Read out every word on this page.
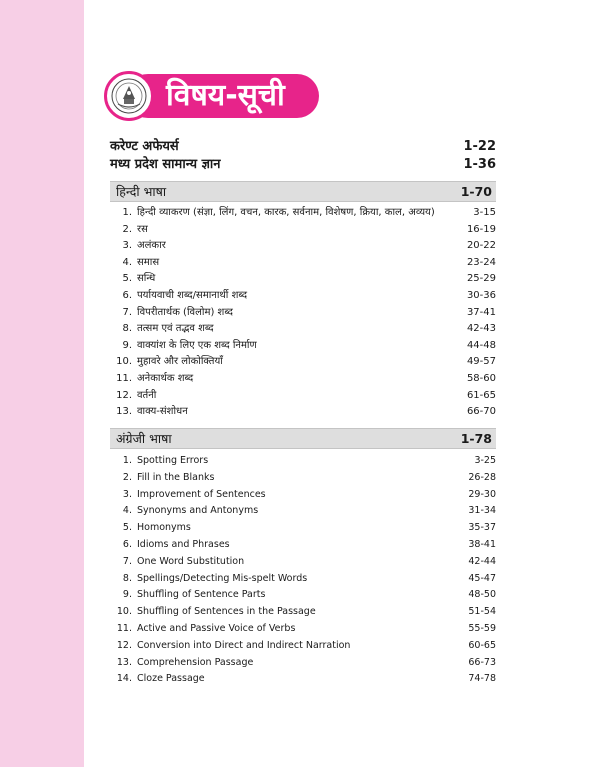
विषय-सूची
करेण्ट अफेयर्स	1-22
मध्य प्रदेश सामान्य ज्ञान	1-36
हिन्दी भाषा	1-70
1. हिन्दी व्याकरण (संज्ञा, लिंग, वचन, कारक, सर्वनाम, विशेषण, क्रिया, काल, अव्यय)	3-15
2. रस	16-19
3. अलंकार	20-22
4. समास	23-24
5. सन्धि	25-29
6. पर्यायवाची शब्द/समानार्थी शब्द	30-36
7. विपरीतार्थक (विलोम) शब्द	37-41
8. तत्सम एवं तद्भव शब्द	42-43
9. वाक्यांश के लिए एक शब्द निर्माण	44-48
10. मुहावरे और लोकोक्तियाँ	49-57
11. अनेकार्थक शब्द	58-60
12. वर्तनी	61-65
13. वाक्य-संशोधन	66-70
अंग्रेजी भाषा	1-78
1. Spotting Errors	3-25
2. Fill in the Blanks	26-28
3. Improvement of Sentences	29-30
4. Synonyms and Antonyms	31-34
5. Homonyms	35-37
6. Idioms and Phrases	38-41
7. One Word Substitution	42-44
8. Spellings/Detecting Mis-spelt Words	45-47
9. Shuffling of Sentence Parts	48-50
10. Shuffling of Sentences in the Passage	51-54
11. Active and Passive Voice of Verbs	55-59
12. Conversion into Direct and Indirect Narration	60-65
13. Comprehension Passage	66-73
14. Cloze Passage	74-78
